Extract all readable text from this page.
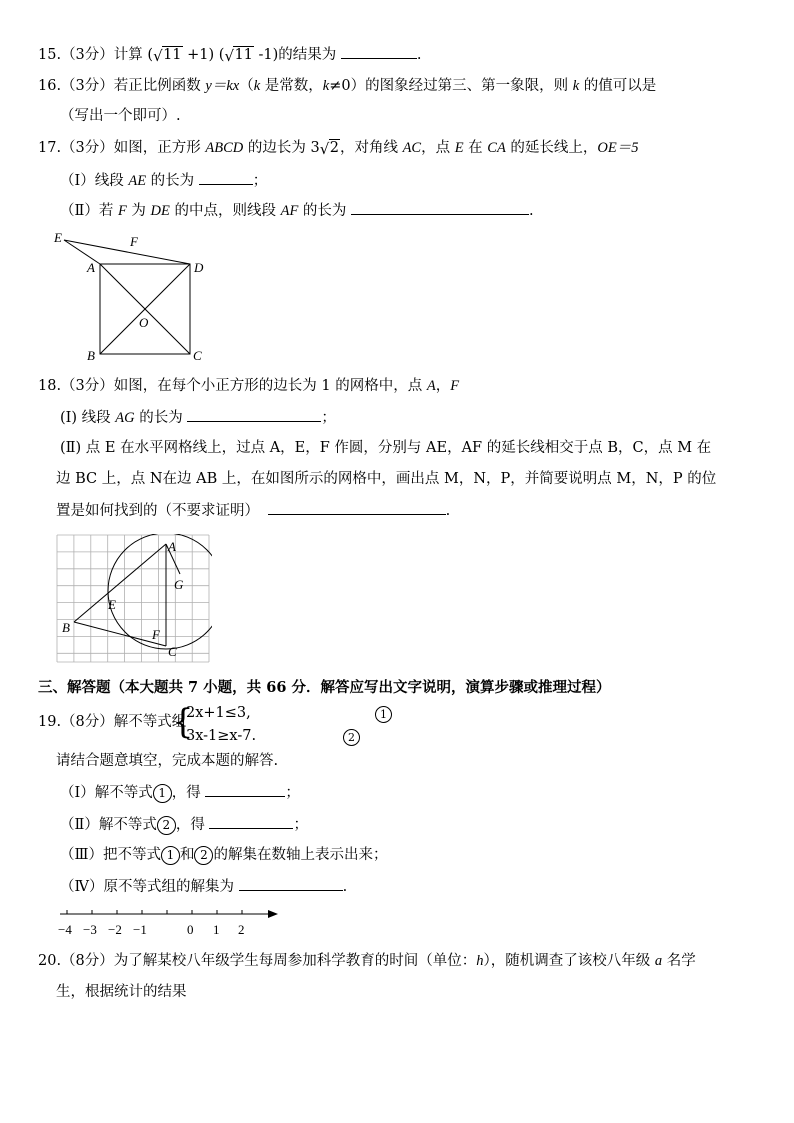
15.（3分）计算 ( √ 11 +1) ( √ 11 -1)的结果为	.
16.（3分）若正比例函数 y＝kx（k 是常数，k≠0）的图象经过第三、第一象限，则 k 的值可以是
（写出一个即可）.
17.（3分）如图，正方形 ABCD 的边长为 3 √ 2，对角线 AC，点 E 在 CA 的延长线上，OE＝5
（Ⅰ）线段 AE 的长为	；
（Ⅱ）若 F 为 DE 的中点，则线段 AF 的长为	.
E	F
A	D
O
B	C
18.（3分）如图，在每个小正方形的边长为 1 的网格中，点 A，F
(Ⅰ) 线段 AG 的长为	；
(Ⅱ) 点 E 在水平网格线上，过点 A，E，F 作圆，分别与 AE，AF 的延长线相交于点 B，C，点 M 在
边 BC 上，点 N在边 AB 上，在如图所示的网格中，画出点 M，N，P，并简要说明点 M，N，P 的位
置是如何找到的（不要求证明）	.
A
G
E
B	F
C
三、解答题（本大题共 7 小题，共 66 分．解答应写出文字说明，演算步骤或推理过程）
19.（8分）解不等式组
{
2x+1≤3,
3x-1≥x-7.
1
2
请结合题意填空，完成本题的解答.
（Ⅰ）解不等式 1 ，得	；
（Ⅱ）解不等式 2 ，得	；
（Ⅲ）把不等式 1 和 2 的解集在数轴上表示出来；
（Ⅳ）原不等式组的解集为	.
−4 −3 −2 −1	0 1 2
20.（8分）为了解某校八年级学生每周参加科学教育的时间（单位：h），随机调查了该校八年级 a 名学
生，根据统计的结果
